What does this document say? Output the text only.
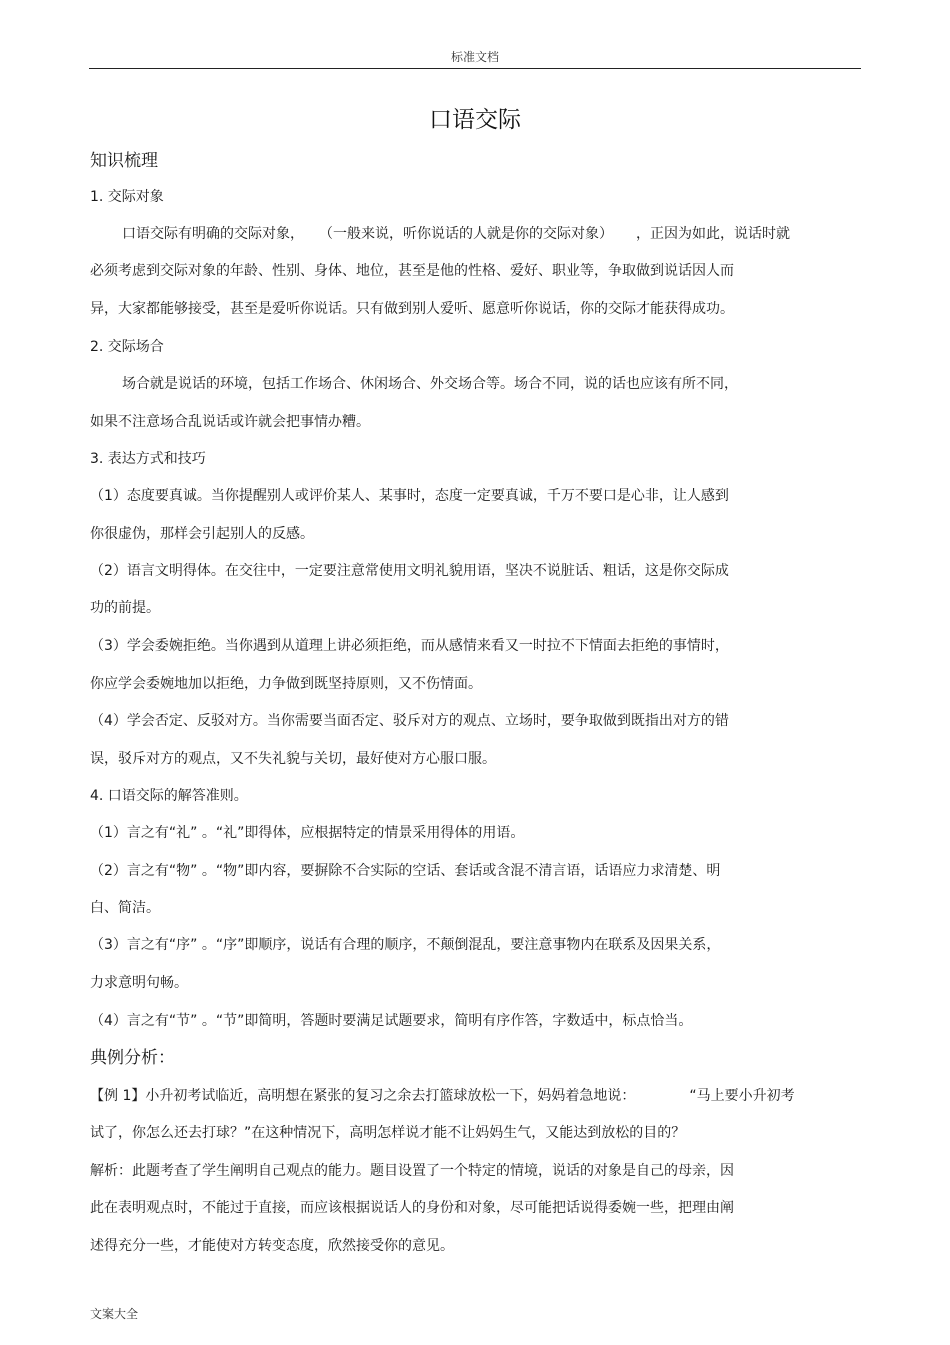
标准文档
口语交际
知识梳理
1. 交际对象
口语交际有明确的交际对象， （一般来说，听你说话的人就是你的交际对象） ，正因为如此，说话时就
必须考虑到交际对象的年龄、性别、身体、地位，甚至是他的性格、爱好、职业等，争取做到说话因人而
异，大家都能够接受，甚至是爱听你说话。只有做到别人爱听、愿意听你说话，你的交际才能获得成功。
2. 交际场合
场合就是说话的环境，包括工作场合、休闲场合、外交场合等。场合不同，说的话也应该有所不同，
如果不注意场合乱说话或许就会把事情办糟。
3. 表达方式和技巧
（1）态度要真诚。当你提醒别人或评价某人、某事时，态度一定要真诚，千万不要口是心非，让人感到
你很虚伪，那样会引起别人的反感。
（2）语言文明得体。在交往中，一定要注意常使用文明礼貌用语，坚决不说脏话、粗话，这是你交际成
功的前提。
（3）学会委婉拒绝。当你遇到从道理上讲必须拒绝，而从感情来看又一时拉不下情面去拒绝的事情时，
你应学会委婉地加以拒绝，力争做到既坚持原则，又不伤情面。
（4）学会否定、反驳对方。当你需要当面否定、驳斥对方的观点、立场时，要争取做到既指出对方的错
误，驳斥对方的观点，又不失礼貌与关切，最好使对方心服口服。
4. 口语交际的解答准则。
（1）言之有“礼” 。“礼”即得体，应根据特定的情景采用得体的用语。
（2）言之有“物” 。“物”即内容，要摒除不合实际的空话、套话或含混不清言语，话语应力求清楚、明
白、简洁。
（3）言之有“序” 。“序”即顺序，说话有合理的顺序，不颠倒混乱，要注意事物内在联系及因果关系，
力求意明句畅。
（4）言之有“节” 。“节”即简明，答题时要满足试题要求，简明有序作答，字数适中，标点恰当。
典例分析：
【例 1】小升初考试临近，高明想在紧张的复习之余去打篮球放松一下，妈妈着急地说：	“马上要小升初考
试了，你怎么还去打球？”在这种情况下，高明怎样说才能不让妈妈生气，又能达到放松的目的？
解析：此题考查了学生阐明自己观点的能力。题目设置了一个特定的情境，说话的对象是自己的母亲，因
此在表明观点时，不能过于直接，而应该根据说话人的身份和对象，尽可能把话说得委婉一些，把理由阐
述得充分一些，才能使对方转变态度，欣然接受你的意见。
文案大全
